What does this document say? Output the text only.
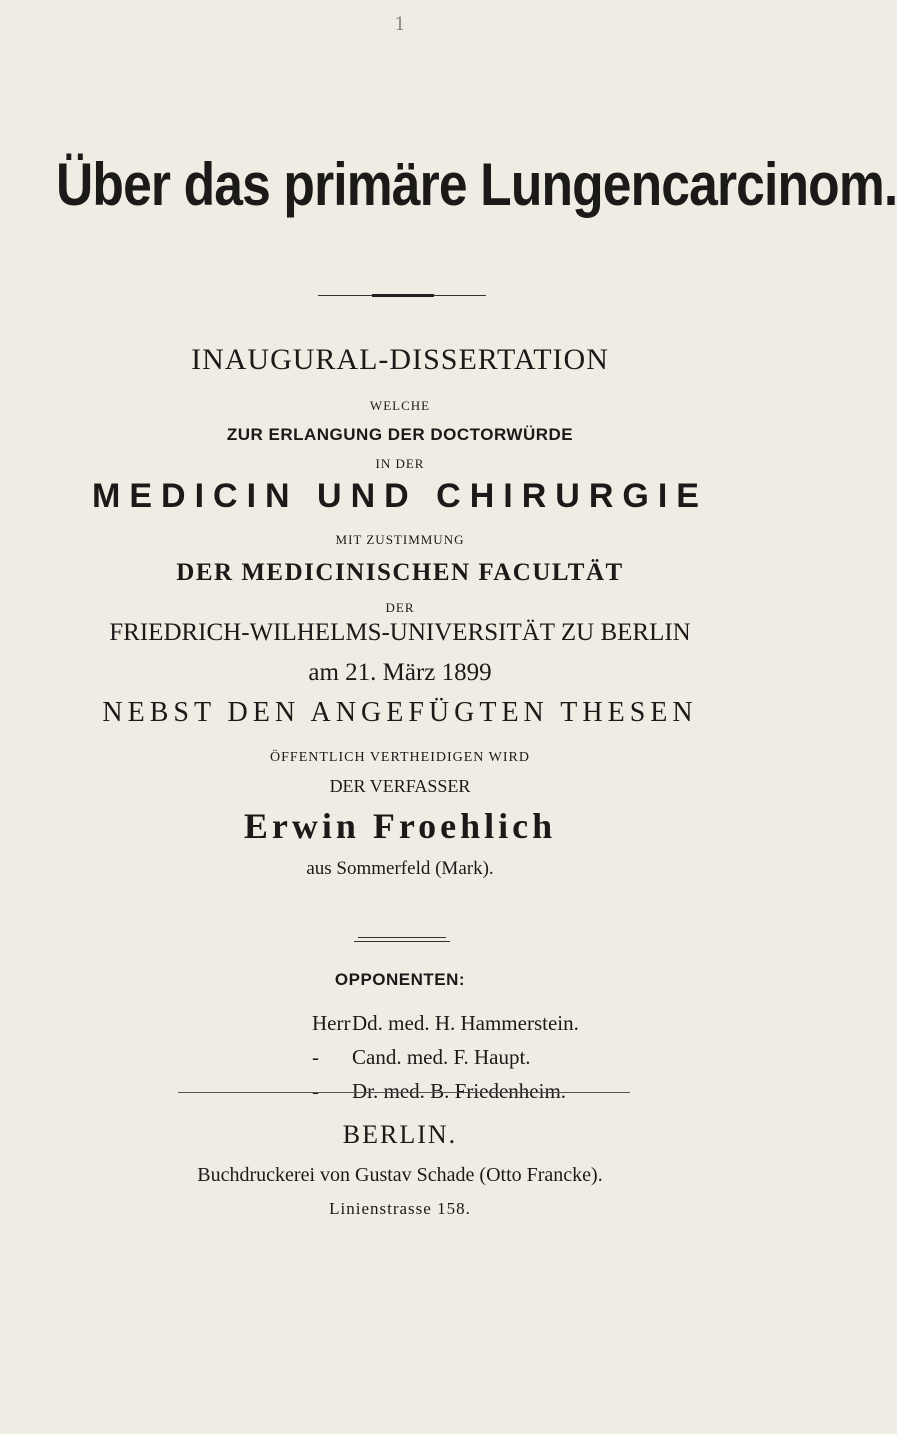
1
Über das primäre Lungencarcinom.
INAUGURAL-DISSERTATION
WELCHE
ZUR ERLANGUNG DER DOCTORWÜRDE
IN DER
MEDICIN UND CHIRURGIE
MIT ZUSTIMMUNG
DER MEDICINISCHEN FACULTÄT
DER
FRIEDRICH-WILHELMS-UNIVERSITÄT ZU BERLIN
am 21. März 1899
NEBST DEN ANGEFÜGTEN THESEN
ÖFFENTLICH VERTHEIDIGEN WIRD
DER VERFASSER
Erwin Froehlich
aus Sommerfeld (Mark).
OPPONENTEN:
HerrDd. med. H. Hammerstein.
- Cand. med. F. Haupt.
- Dr. med. B. Friedenheim.
BERLIN.
Buchdruckerei von Gustav Schade (Otto Francke).
Linienstrasse 158.
